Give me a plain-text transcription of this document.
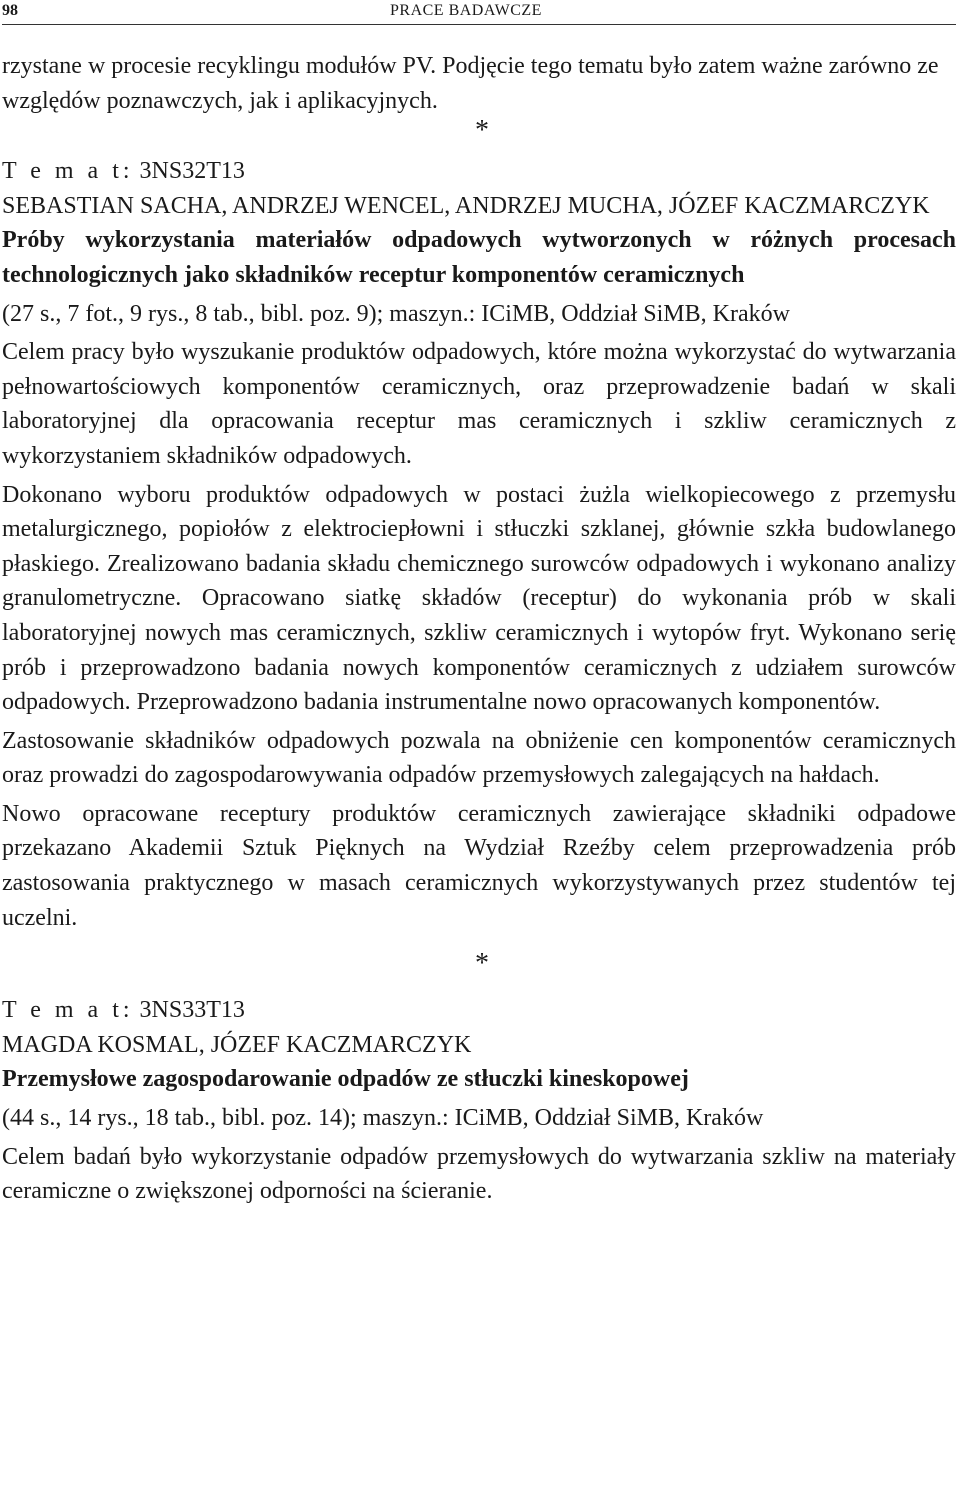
98	PRACE BADAWCZE

rzystane w procesie recyklingu modułów PV. Podjęcie tego tematu było zatem ważne zarówno ze względów poznawczych, jak i aplikacyjnych.

*

T e m a t: 3NS32T13

SEBASTIAN SACHA, ANDRZEJ WENCEL, ANDRZEJ MUCHA, JÓZEF KACZMARCZYK

Próby wykorzystania materiałów odpadowych wytworzonych w różnych procesach technologicznych jako składników receptur komponentów ceramicznych

(27 s., 7 fot., 9 rys., 8 tab., bibl. poz. 9); maszyn.: ICiMB, Oddział SiMB, Kraków

Celem pracy było wyszukanie produktów odpadowych, które można wykorzystać do wytwarzania pełnowartościowych komponentów ceramicznych, oraz przeprowadzenie badań w skali laboratoryjnej dla opracowania receptur mas ceramicznych i szkliw ceramicznych z wykorzystaniem składników odpadowych.

Dokonano wyboru produktów odpadowych w postaci żużla wielkopiecowego z przemysłu metalurgicznego, popiołów z elektrociepłowni i stłuczki szklanej, głównie szkła budowlanego płaskiego. Zrealizowano badania składu chemicznego surowców odpadowych i wykonano analizy granulometryczne. Opracowano siatkę składów (receptur) do wykonania prób w skali laboratoryjnej nowych mas ceramicznych, szkliw ceramicznych i wytopów fryt. Wykonano serię prób i przeprowadzono badania nowych komponentów ceramicznych z udziałem surowców odpadowych. Przeprowadzono badania instrumentalne nowo opracowanych komponentów.

Zastosowanie składników odpadowych pozwala na obniżenie cen komponentów ceramicznych oraz prowadzi do zagospodarowywania odpadów przemysłowych zalegających na hałdach.

Nowo opracowane receptury produktów ceramicznych zawierające składniki odpadowe przekazano Akademii Sztuk Pięknych na Wydział Rzeźby celem przeprowadzenia prób zastosowania praktycznego w masach ceramicznych wykorzystywanych przez studentów tej uczelni.

*

T e m a t: 3NS33T13

MAGDA KOSMAL, JÓZEF KACZMARCZYK

Przemysłowe zagospodarowanie odpadów ze stłuczki kineskopowej

(44 s., 14 rys., 18 tab., bibl. poz. 14); maszyn.: ICiMB, Oddział SiMB, Kraków

Celem badań było wykorzystanie odpadów przemysłowych do wytwarzania szkliw na materiały ceramiczne o zwiększonej odporności na ścieranie.
